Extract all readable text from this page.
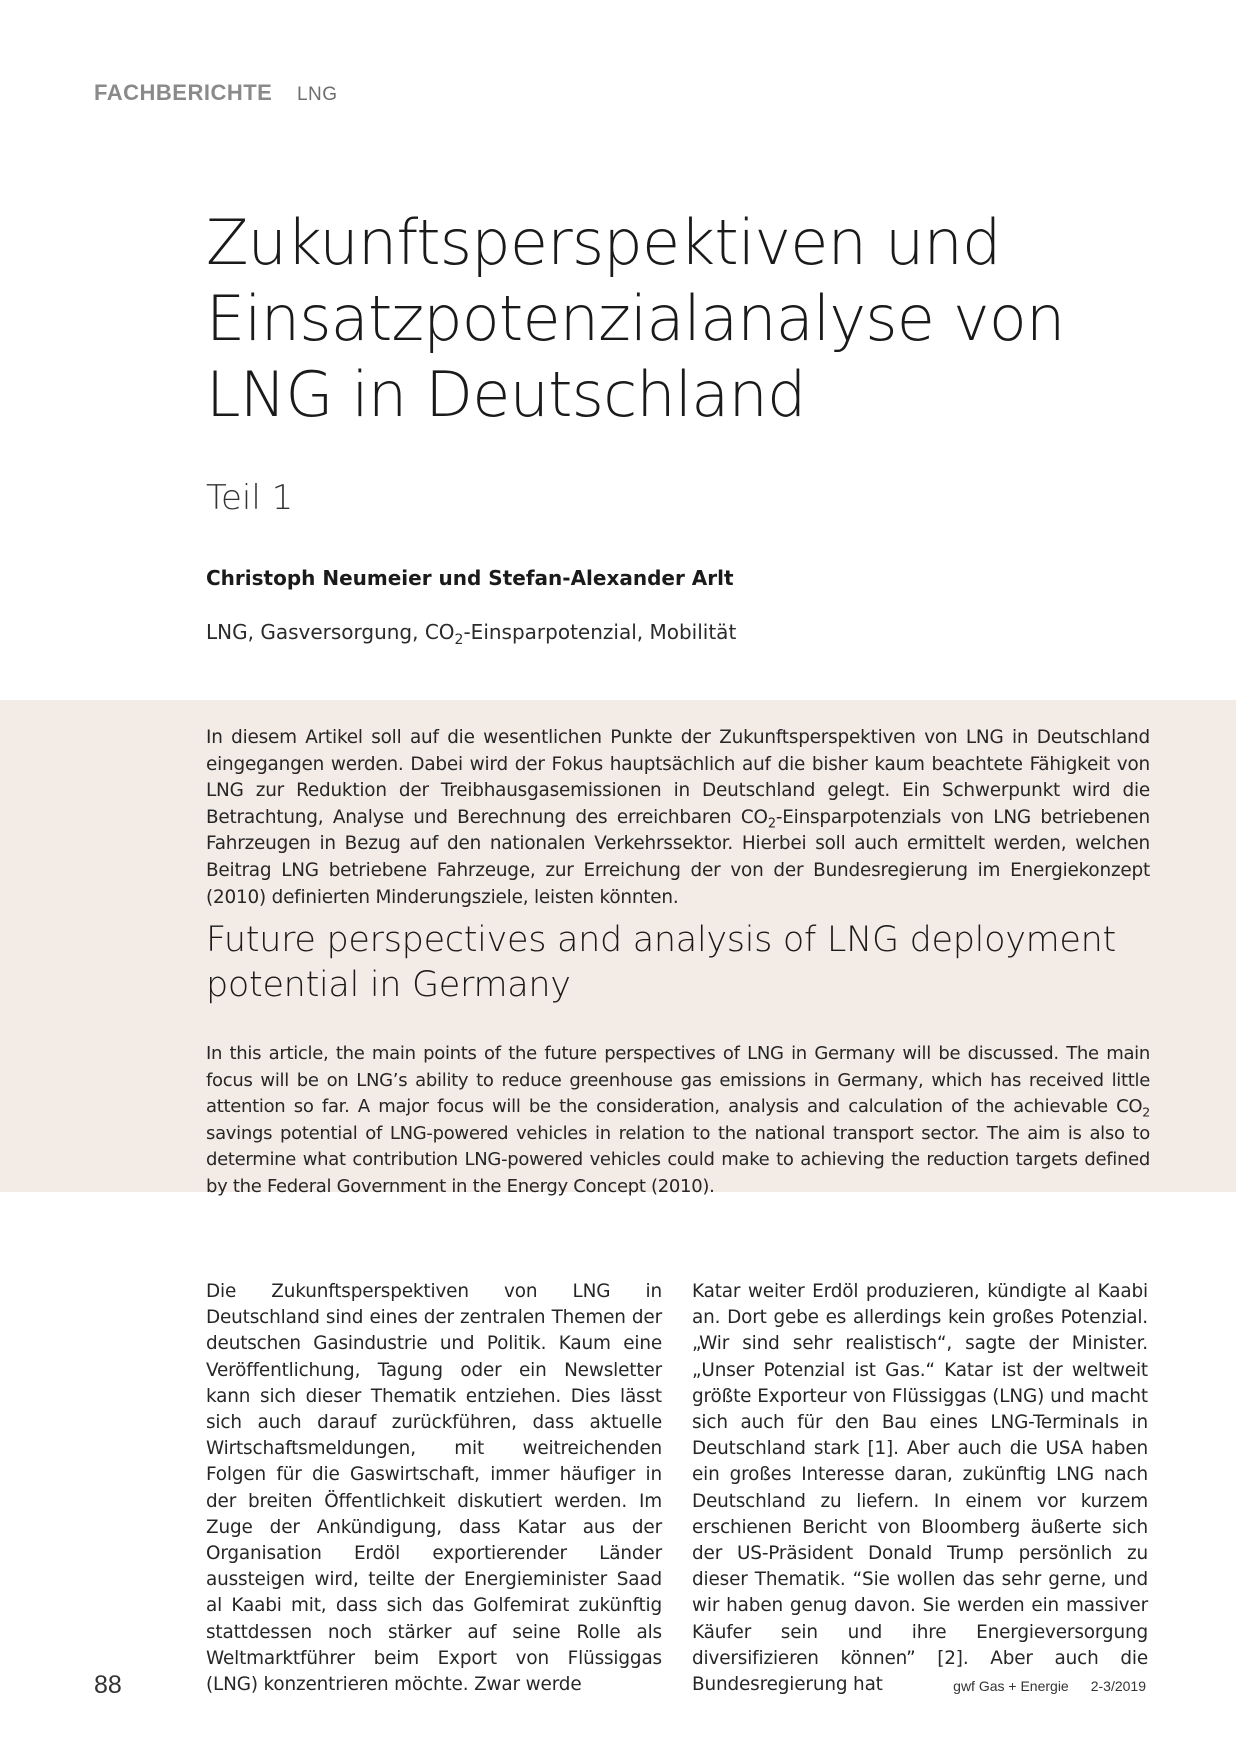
FACHBERICHTE LNG
Zukunftsperspektiven und
Einsatzpotenzialanalyse von
LNG in Deutschland
Teil 1
Christoph Neumeier und Stefan-Alexander Arlt
LNG, Gasversorgung, $CO_2$-Einsparpotenzial, Mobilität

In diesem Artikel soll auf die wesentlichen Punkte der Zukunftsperspektiven von LNG in Deutschland eingegangen werden. Dabei wird der Fokus hauptsächlich auf die bisher kaum beachtete Fähigkeit von LNG zur Reduktion der Treibhausgasemissionen in Deutschland gelegt. Ein Schwerpunkt wird die Betrachtung, Analyse und Berechnung des erreichbaren $CO_2$-Einsparpotenzials von LNG betriebenen Fahrzeugen in Bezug auf den nationalen Verkehrssektor. Hierbei soll auch ermittelt werden, welchen Beitrag LNG betriebene Fahrzeuge, zur Erreichung der von der Bundesregierung im Energiekonzept (2010) definierten Minderungsziele, leisten könnten.

Future perspectives and analysis of LNG deployment
potential in Germany

In this article, the main points of the future perspectives of LNG in Germany will be discussed. The main focus will be on LNG’s ability to reduce greenhouse gas emissions in Germany, which has received little attention so far. A major focus will be the consideration, analysis and calculation of the achievable $CO_2$ savings potential of LNG-powered vehicles in relation to the national transport sector. The aim is also to determine what contribution LNG-powered vehicles could make to achieving the reduction targets defined by the Federal Government in the Energy Concept (2010).

Die Zukunftsperspektiven von LNG in Deutschland sind eines der zentralen Themen der deutschen Gasindustrie und Politik. Kaum eine Veröffentlichung, Tagung oder ein Newsletter kann sich dieser Thematik entziehen. Dies lässt sich auch darauf zurückführen, dass aktuelle Wirtschaftsmeldungen, mit weitreichenden Folgen für die Gaswirtschaft, immer häufiger in der breiten Öffentlichkeit diskutiert werden. Im Zuge der Ankündigung, dass Katar aus der Organisation Erdöl exportierender Länder aussteigen wird, teilte der Energieminister Saad al Kaabi mit, dass sich das Golfemirat zukünftig stattdessen noch stärker auf seine Rolle als Weltmarktführer beim Export von Flüssiggas (LNG) konzentrieren möchte. Zwar werde

Katar weiter Erdöl produzieren, kündigte al Kaabi an. Dort gebe es allerdings kein großes Potenzial. „Wir sind sehr realistisch“, sagte der Minister. „Unser Potenzial ist Gas.“ Katar ist der weltweit größte Exporteur von Flüssiggas (LNG) und macht sich auch für den Bau eines LNG-Terminals in Deutschland stark [1]. Aber auch die USA haben ein großes Interesse daran, zukünftig LNG nach Deutschland zu liefern. In einem vor kurzem erschienen Bericht von Bloomberg äußerte sich der US-Präsident Donald Trump persönlich zu dieser Thematik. “Sie wollen das sehr gerne, und wir haben genug davon. Sie werden ein massiver Käufer sein und ihre Energieversorgung diversifizieren können” [2]. Aber auch die Bundesregierung hat

88	gwf Gas + Energie 2-3/2019
